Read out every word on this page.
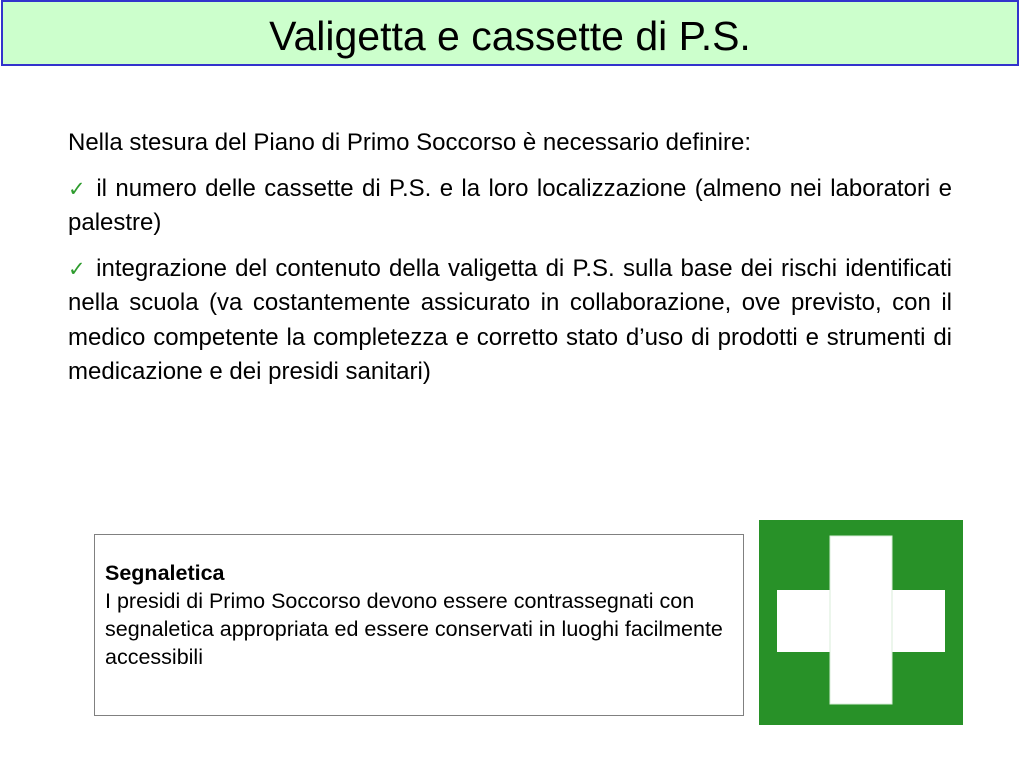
Valigetta e cassette di P.S.

Nella stesura del Piano di Primo Soccorso è necessario definire:

✓ il numero delle cassette di P.S. e la loro localizzazione (almeno nei laboratori e palestre)

✓ integrazione del contenuto della valigetta di P.S. sulla base dei rischi identificati nella scuola (va costantemente assicurato in collaborazione, ove previsto, con il medico competente la completezza e corretto stato d’uso di prodotti e strumenti di medicazione e dei presidi sanitari)

Segnaletica
I presidi di Primo Soccorso devono essere contrassegnati con segnaletica appropriata ed essere conservati in luoghi facilmente accessibili
